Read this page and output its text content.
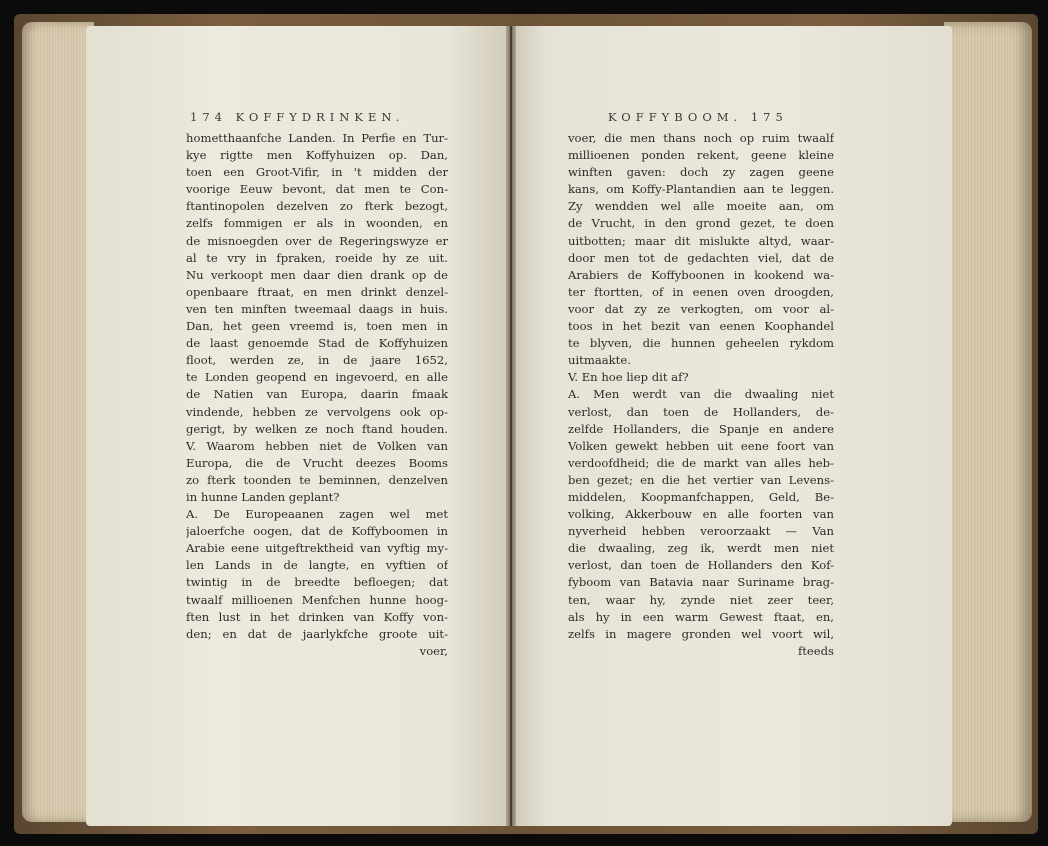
174 KOFFYDRINKEN.	KOFFYBOOM. 175
hometthaanfche Landen. In Perfie en Tur-
kye rigtte men Koffyhuizen op. Dan,
toen een Groot-Vifir, in 't midden der
voorige Eeuw bevont, dat men te Con-
ftantinopolen dezelven zo fterk bezogt,
zelfs fommigen er als in woonden, en
de misnoegden over de Regeringswyze er
al te vry in fpraken, roeide hy ze uit.
Nu verkoopt men daar dien drank op de
openbaare ftraat, en men drinkt denzel-
ven ten minften tweemaal daags in huis.
Dan, het geen vreemd is, toen men in
de laast genoemde Stad de Koffyhuizen
floot, werden ze, in de jaare 1652,
te Londen geopend en ingevoerd, en alle
de Natien van Europa, daarin fmaak
vindende, hebben ze vervolgens ook op-
gerigt, by welken ze noch ftand houden.
V. Waarom hebben niet de Volken van
Europa, die de Vrucht deezes Booms
zo fterk toonden te beminnen, denzelven
in hunne Landen geplant?
A. De Europeaanen zagen wel met
jaloerfche oogen, dat de Koffyboomen in
Arabie eene uitgeftrektheid van vyftig my-
len Lands in de langte, en vyftien of
twintig in de breedte befloegen; dat
twaalf millioenen Menfchen hunne hoog-
ften lust in het drinken van Koffy von-
den; en dat de jaarlykfche groote uit-
voer,
voer, die men thans noch op ruim twaalf
millioenen ponden rekent, geene kleine
winften gaven: doch zy zagen geene
kans, om Koffy-Plantandien aan te leggen.
Zy wendden wel alle moeite aan, om
de Vrucht, in den grond gezet, te doen
uitbotten; maar dit mislukte altyd, waar-
door men tot de gedachten viel, dat de
Arabiers de Koffyboonen in kookend wa-
ter ftortten, of in eenen oven droogden,
voor dat zy ze verkogten, om voor al-
toos in het bezit van eenen Koophandel
te blyven, die hunnen geheelen rykdom
uitmaakte.
V. En hoe liep dit af?
A. Men werdt van die dwaaling niet
verlost, dan toen de Hollanders, de-
zelfde Hollanders, die Spanje en andere
Volken gewekt hebben uit eene foort van
verdoofdheid; die de markt van alles heb-
ben gezet; en die het vertier van Levens-
middelen, Koopmanfchappen, Geld, Be-
volking, Akkerbouw en alle foorten van
nyverheid hebben veroorzaakt — Van
die dwaaling, zeg ik, werdt men niet
verlost, dan toen de Hollanders den Kof-
fyboom van Batavia naar Suriname brag-
ten, waar hy, zynde niet zeer teer,
als hy in een warm Gewest ftaat, en,
zelfs in magere gronden wel voort wil,
fteeds
